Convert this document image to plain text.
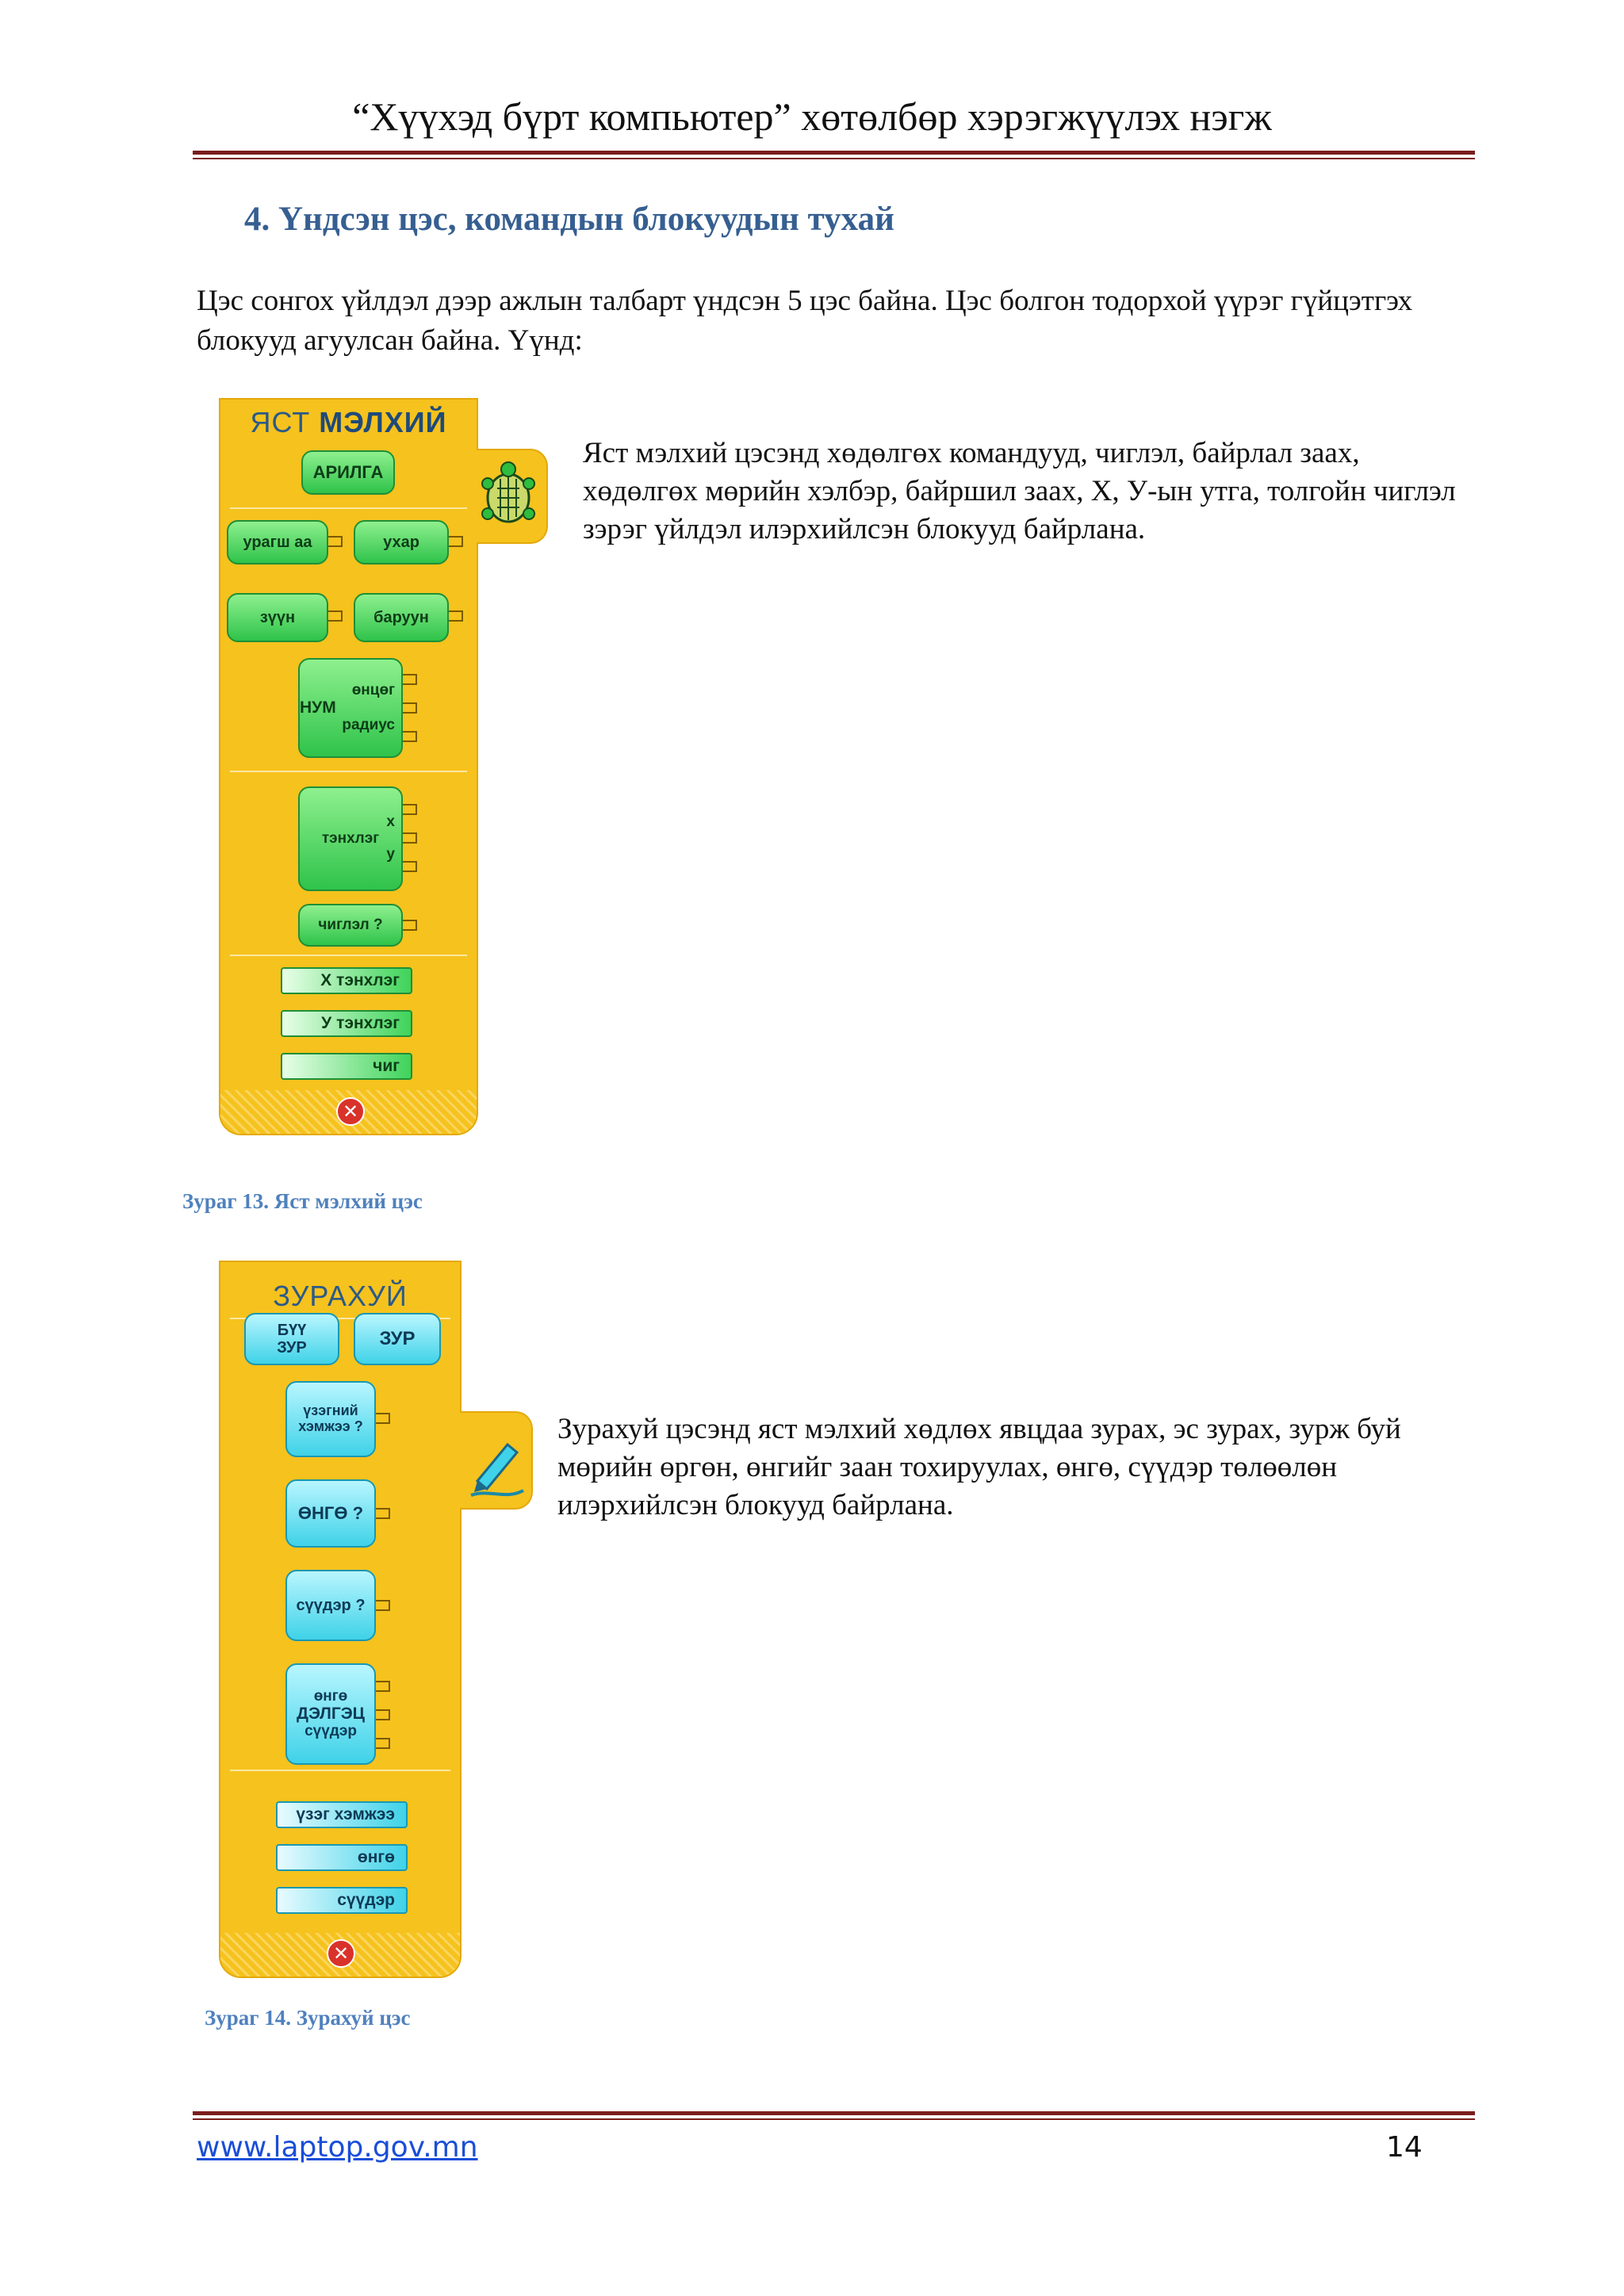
“Хүүхэд бүрт компьютер” хөтөлбөр хэрэгжүүлэх нэгж
4. Үндсэн цэс, командын блокуудын тухай
Цэс сонгох үйлдэл дээр ажлын талбарт үндсэн 5 цэс байна. Цэс болгон тодорхой үүрэг гүйцэтгэх блокууд агуулсан байна. Үүнд:
ЯСТ МЭЛХИЙ
АРИЛГА
урагш аа	ухар
зүүн	баруун
өнцөг
НУМ
радиус
x
тэнхлэг
у
чиглэл ?
Х тэнхлэг
У тэнхлэг
чиг
✕
Яст мэлхий цэсэнд хөдөлгөх командууд, чиглэл, байрлал заах, хөдөлгөх мөрийн хэлбэр, байршил заах, Х, У-ын утга, толгойн чиглэл зэрэг үйлдэл илэрхийлсэн блокууд байрлана.
Зураг 13. Яст мэлхий цэс
ЗУРАХУЙ
БҮҮ ЗУР	ЗУР
үзэгний хэмжээ ?
ӨНГӨ ?
сүүдэр ?
өнгө
ДЭЛГЭЦ
сүүдэр
үзэг хэмжээ
өнгө
сүүдэр
✕
Зурахуй цэсэнд яст мэлхий хөдлөх явцдаа зурах, эс зурах, зурж буй мөрийн өргөн, өнгийг заан тохируулах, өнгө, сүүдэр төлөөлөн илэрхийлсэн блокууд байрлана.
Зураг 14. Зурахуй цэс
www.laptop.gov.mn	14
